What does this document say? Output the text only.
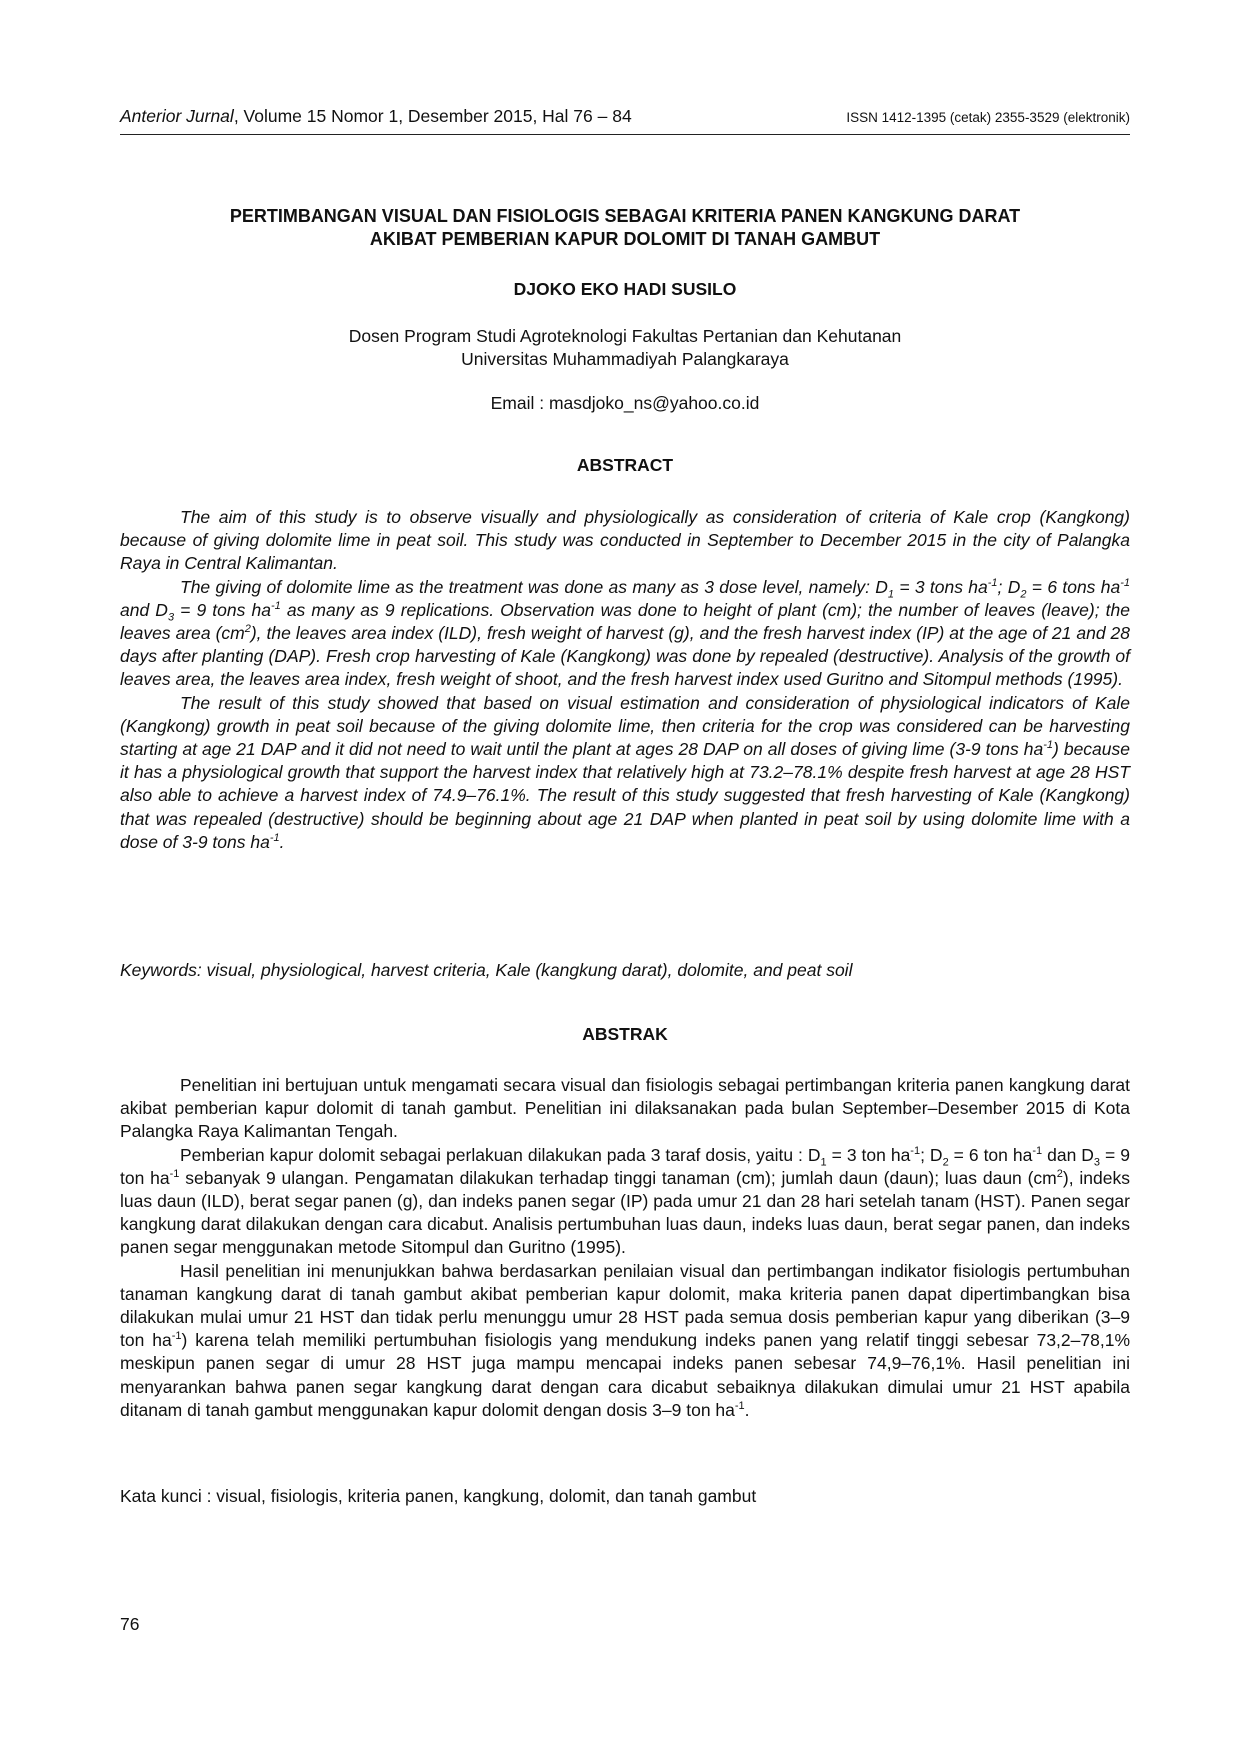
Anterior Jurnal, Volume 15 Nomor 1, Desember 2015, Hal 76 – 84	ISSN 1412-1395 (cetak) 2355-3529 (elektronik)
PERTIMBANGAN VISUAL DAN FISIOLOGIS SEBAGAI KRITERIA PANEN KANGKUNG DARAT
AKIBAT PEMBERIAN KAPUR DOLOMIT DI TANAH GAMBUT
DJOKO EKO HADI SUSILO
Dosen Program Studi Agroteknologi Fakultas Pertanian dan Kehutanan
Universitas Muhammadiyah Palangkaraya
Email : masdjoko_ns@yahoo.co.id
ABSTRACT

The aim of this study is to observe visually and physiologically as consideration of criteria of Kale crop (Kangkong) because of giving dolomite lime in peat soil. This study was conducted in September to December 2015 in the city of Palangka Raya in Central Kalimantan.

The giving of dolomite lime as the treatment was done as many as 3 dose level, namely: $D_1 = 3$ tons $ha^{-1}$; $D_2 = 6$ tons $ha^{-1}$ and $D_3 = 9$ tons $ha^{-1}$ as many as 9 replications. Observation was done to height of plant (cm); the number of leaves (leave); the leaves area $(cm^2)$, the leaves area index (ILD), fresh weight of harvest (g), and the fresh harvest index (IP) at the age of 21 and 28 days after planting (DAP). Fresh crop harvesting of Kale (Kangkong) was done by repealed (destructive). Analysis of the growth of leaves area, the leaves area index, fresh weight of shoot, and the fresh harvest index used Guritno and Sitompul methods (1995).

The result of this study showed that based on visual estimation and consideration of physiological indicators of Kale (Kangkong) growth in peat soil because of the giving dolomite lime, then criteria for the crop was considered can be harvesting starting at age 21 DAP and it did not need to wait until the plant at ages 28 DAP on all doses of giving lime (3-9 tons $ha^{-1}$) because it has a physiological growth that support the harvest index that relatively high at 73.2–78.1% despite fresh harvest at age 28 HST also able to achieve a harvest index of 74.9–76.1%. The result of this study suggested that fresh harvesting of Kale (Kangkong) that was repealed (destructive) should be beginning about age 21 DAP when planted in peat soil by using dolomite lime with a dose of 3-9 tons $ha^{-1}$.

Keywords: visual, physiological, harvest criteria, Kale (kangkung darat), dolomite, and peat soil
ABSTRAK

Penelitian ini bertujuan untuk mengamati secara visual dan fisiologis sebagai pertimbangan kriteria panen kangkung darat akibat pemberian kapur dolomit di tanah gambut. Penelitian ini dilaksanakan pada bulan September–Desember 2015 di Kota Palangka Raya Kalimantan Tengah.

Pemberian kapur dolomit sebagai perlakuan dilakukan pada 3 taraf dosis, yaitu : $D_1 = 3$ ton $ha^{-1}$; $D_2 = 6$ ton $ha^{-1}$ dan $D_3 = 9$ ton $ha^{-1}$ sebanyak 9 ulangan. Pengamatan dilakukan terhadap tinggi tanaman (cm); jumlah daun (daun); luas daun $(cm^2)$, indeks luas daun (ILD), berat segar panen (g), dan indeks panen segar (IP) pada umur 21 dan 28 hari setelah tanam (HST). Panen segar kangkung darat dilakukan dengan cara dicabut. Analisis pertumbuhan luas daun, indeks luas daun, berat segar panen, dan indeks panen segar menggunakan metode Sitompul dan Guritno (1995).

Hasil penelitian ini menunjukkan bahwa berdasarkan penilaian visual dan pertimbangan indikator fisiologis pertumbuhan tanaman kangkung darat di tanah gambut akibat pemberian kapur dolomit, maka kriteria panen dapat dipertimbangkan bisa dilakukan mulai umur 21 HST dan tidak perlu menunggu umur 28 HST pada semua dosis pemberian kapur yang diberikan (3–9 ton $ha^{-1}$) karena telah memiliki pertumbuhan fisiologis yang mendukung indeks panen yang relatif tinggi sebesar 73,2–78,1% meskipun panen segar di umur 28 HST juga mampu mencapai indeks panen sebesar 74,9–76,1%. Hasil penelitian ini menyarankan bahwa panen segar kangkung darat dengan cara dicabut sebaiknya dilakukan dimulai umur 21 HST apabila ditanam di tanah gambut menggunakan kapur dolomit dengan dosis 3–9 ton $ha^{-1}$.

Kata kunci : visual, fisiologis, kriteria panen, kangkung, dolomit, dan tanah gambut
76
